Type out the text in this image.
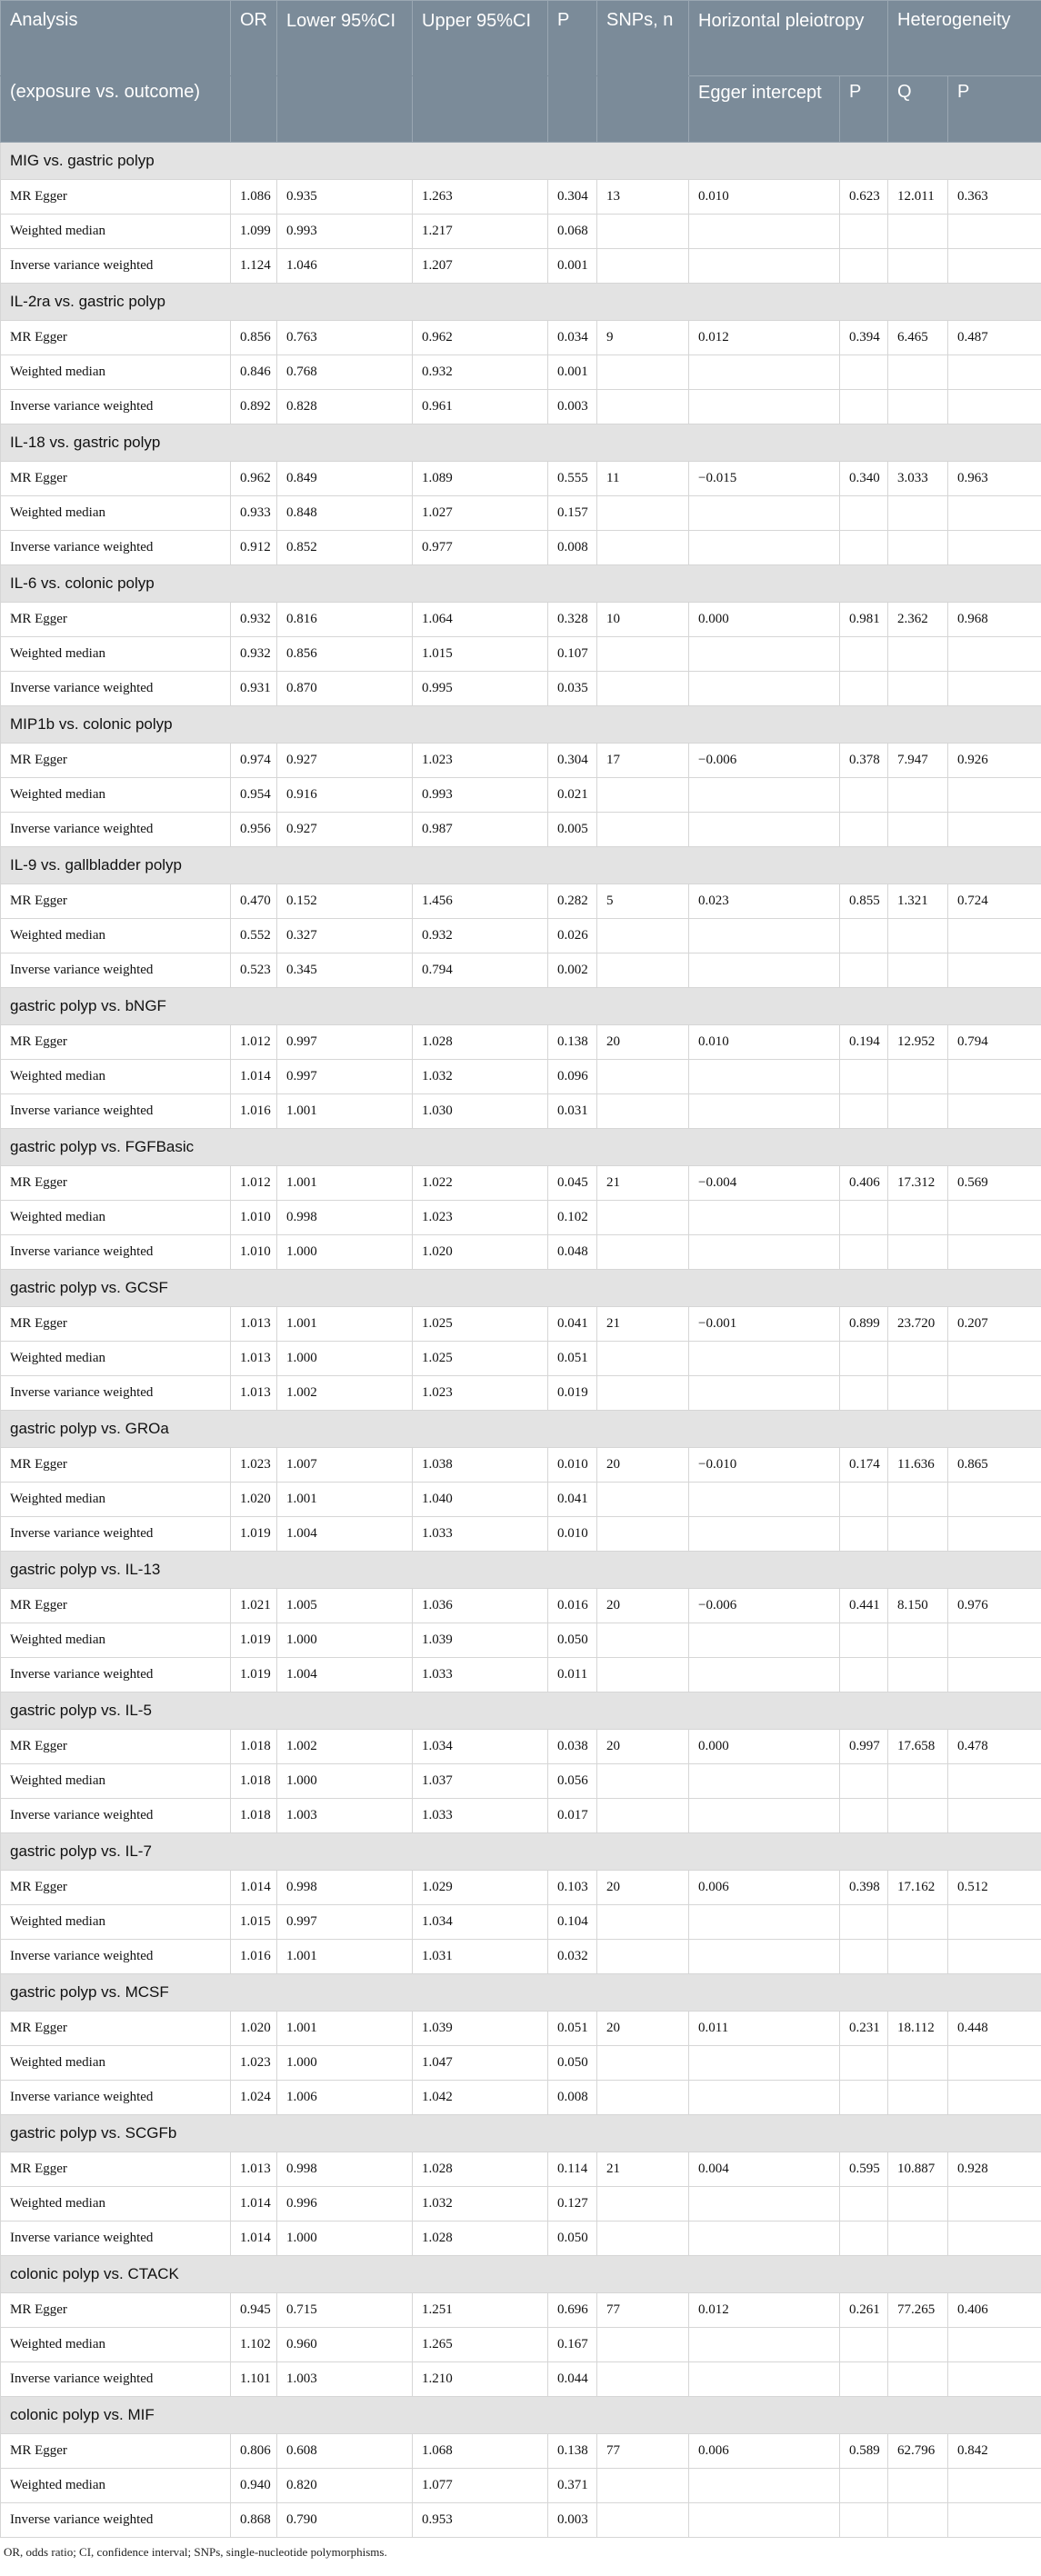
Analysis	OR	Lower 95%CI	Upper 95%CI	P	SNPs, n	Horizontal pleiotropy		Heterogeneity	
(exposure vs. outcome)						Egger intercept	P	Q	P
MIG vs. gastric polyp									
MR Egger	1.086	0.935	1.263	0.304	13	0.010	0.623	12.011	0.363
Weighted median	1.099	0.993	1.217	0.068					
Inverse variance weighted	1.124	1.046	1.207	0.001					
IL-2ra vs. gastric polyp									
MR Egger	0.856	0.763	0.962	0.034	9	0.012	0.394	6.465	0.487
Weighted median	0.846	0.768	0.932	0.001					
Inverse variance weighted	0.892	0.828	0.961	0.003					
IL-18 vs. gastric polyp									
MR Egger	0.962	0.849	1.089	0.555	11	−0.015	0.340	3.033	0.963
Weighted median	0.933	0.848	1.027	0.157					
Inverse variance weighted	0.912	0.852	0.977	0.008					
IL-6 vs. colonic polyp									
MR Egger	0.932	0.816	1.064	0.328	10	0.000	0.981	2.362	0.968
Weighted median	0.932	0.856	1.015	0.107					
Inverse variance weighted	0.931	0.870	0.995	0.035					
MIP1b vs. colonic polyp									
MR Egger	0.974	0.927	1.023	0.304	17	−0.006	0.378	7.947	0.926
Weighted median	0.954	0.916	0.993	0.021					
Inverse variance weighted	0.956	0.927	0.987	0.005					
IL-9 vs. gallbladder polyp									
MR Egger	0.470	0.152	1.456	0.282	5	0.023	0.855	1.321	0.724
Weighted median	0.552	0.327	0.932	0.026					
Inverse variance weighted	0.523	0.345	0.794	0.002					
gastric polyp vs. bNGF									
MR Egger	1.012	0.997	1.028	0.138	20	0.010	0.194	12.952	0.794
Weighted median	1.014	0.997	1.032	0.096					
Inverse variance weighted	1.016	1.001	1.030	0.031					
gastric polyp vs. FGFBasic									
MR Egger	1.012	1.001	1.022	0.045	21	−0.004	0.406	17.312	0.569
Weighted median	1.010	0.998	1.023	0.102					
Inverse variance weighted	1.010	1.000	1.020	0.048					
gastric polyp vs. GCSF									
MR Egger	1.013	1.001	1.025	0.041	21	−0.001	0.899	23.720	0.207
Weighted median	1.013	1.000	1.025	0.051					
Inverse variance weighted	1.013	1.002	1.023	0.019					
gastric polyp vs. GROa									
MR Egger	1.023	1.007	1.038	0.010	20	−0.010	0.174	11.636	0.865
Weighted median	1.020	1.001	1.040	0.041					
Inverse variance weighted	1.019	1.004	1.033	0.010					
gastric polyp vs. IL-13									
MR Egger	1.021	1.005	1.036	0.016	20	−0.006	0.441	8.150	0.976
Weighted median	1.019	1.000	1.039	0.050					
Inverse variance weighted	1.019	1.004	1.033	0.011					
gastric polyp vs. IL-5									
MR Egger	1.018	1.002	1.034	0.038	20	0.000	0.997	17.658	0.478
Weighted median	1.018	1.000	1.037	0.056					
Inverse variance weighted	1.018	1.003	1.033	0.017					
gastric polyp vs. IL-7									
MR Egger	1.014	0.998	1.029	0.103	20	0.006	0.398	17.162	0.512
Weighted median	1.015	0.997	1.034	0.104					
Inverse variance weighted	1.016	1.001	1.031	0.032					
gastric polyp vs. MCSF									
MR Egger	1.020	1.001	1.039	0.051	20	0.011	0.231	18.112	0.448
Weighted median	1.023	1.000	1.047	0.050					
Inverse variance weighted	1.024	1.006	1.042	0.008					
gastric polyp vs. SCGFb									
MR Egger	1.013	0.998	1.028	0.114	21	0.004	0.595	10.887	0.928
Weighted median	1.014	0.996	1.032	0.127					
Inverse variance weighted	1.014	1.000	1.028	0.050					
colonic polyp vs. CTACK									
MR Egger	0.945	0.715	1.251	0.696	77	0.012	0.261	77.265	0.406
Weighted median	1.102	0.960	1.265	0.167					
Inverse variance weighted	1.101	1.003	1.210	0.044					
colonic polyp vs. MIF									
MR Egger	0.806	0.608	1.068	0.138	77	0.006	0.589	62.796	0.842
Weighted median	0.940	0.820	1.077	0.371					
Inverse variance weighted	0.868	0.790	0.953	0.003					
OR, odds ratio; CI, confidence interval; SNPs, single-nucleotide polymorphisms.
